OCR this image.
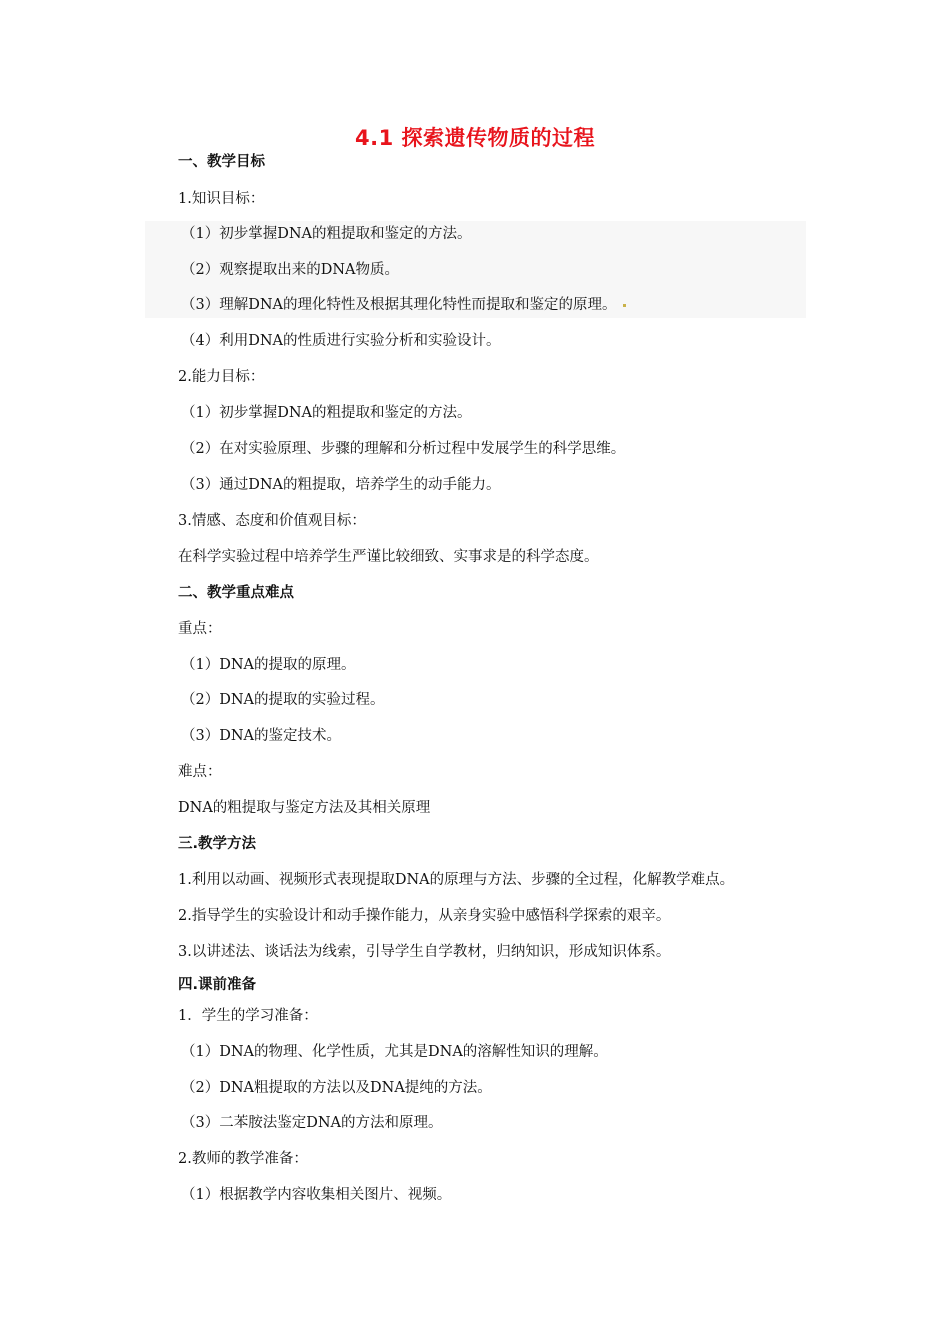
4.1 探索遗传物质的过程
一、教学目标
1.知识目标：
（1）初步掌握DNA的粗提取和鉴定的方法。
（2）观察提取出来的DNA物质。
（3）理解DNA的理化特性及根据其理化特性而提取和鉴定的原理。
（4）利用DNA的性质进行实验分析和实验设计。
2.能力目标：
（1）初步掌握DNA的粗提取和鉴定的方法。
（2）在对实验原理、步骤的理解和分析过程中发展学生的科学思维。
（3）通过DNA的粗提取，培养学生的动手能力。
3.情感、态度和价值观目标：
在科学实验过程中培养学生严谨比较细致、实事求是的科学态度。
二、教学重点难点
重点：
（1）DNA的提取的原理。
（2）DNA的提取的实验过程。
（3）DNA的鉴定技术。
难点：
DNA的粗提取与鉴定方法及其相关原理
三.教学方法
1.利用以动画、视频形式表现提取DNA的原理与方法、步骤的全过程，化解教学难点。
2.指导学生的实验设计和动手操作能力，从亲身实验中感悟科学探索的艰辛。
3.以讲述法、谈话法为线索，引导学生自学教材，归纳知识，形成知识体系。
四.课前准备
1．学生的学习准备：
（1）DNA的物理、化学性质，尤其是DNA的溶解性知识的理解。
（2）DNA粗提取的方法以及DNA提纯的方法。
（3）二苯胺法鉴定DNA的方法和原理。
2.教师的教学准备：
（1）根据教学内容收集相关图片、视频。
